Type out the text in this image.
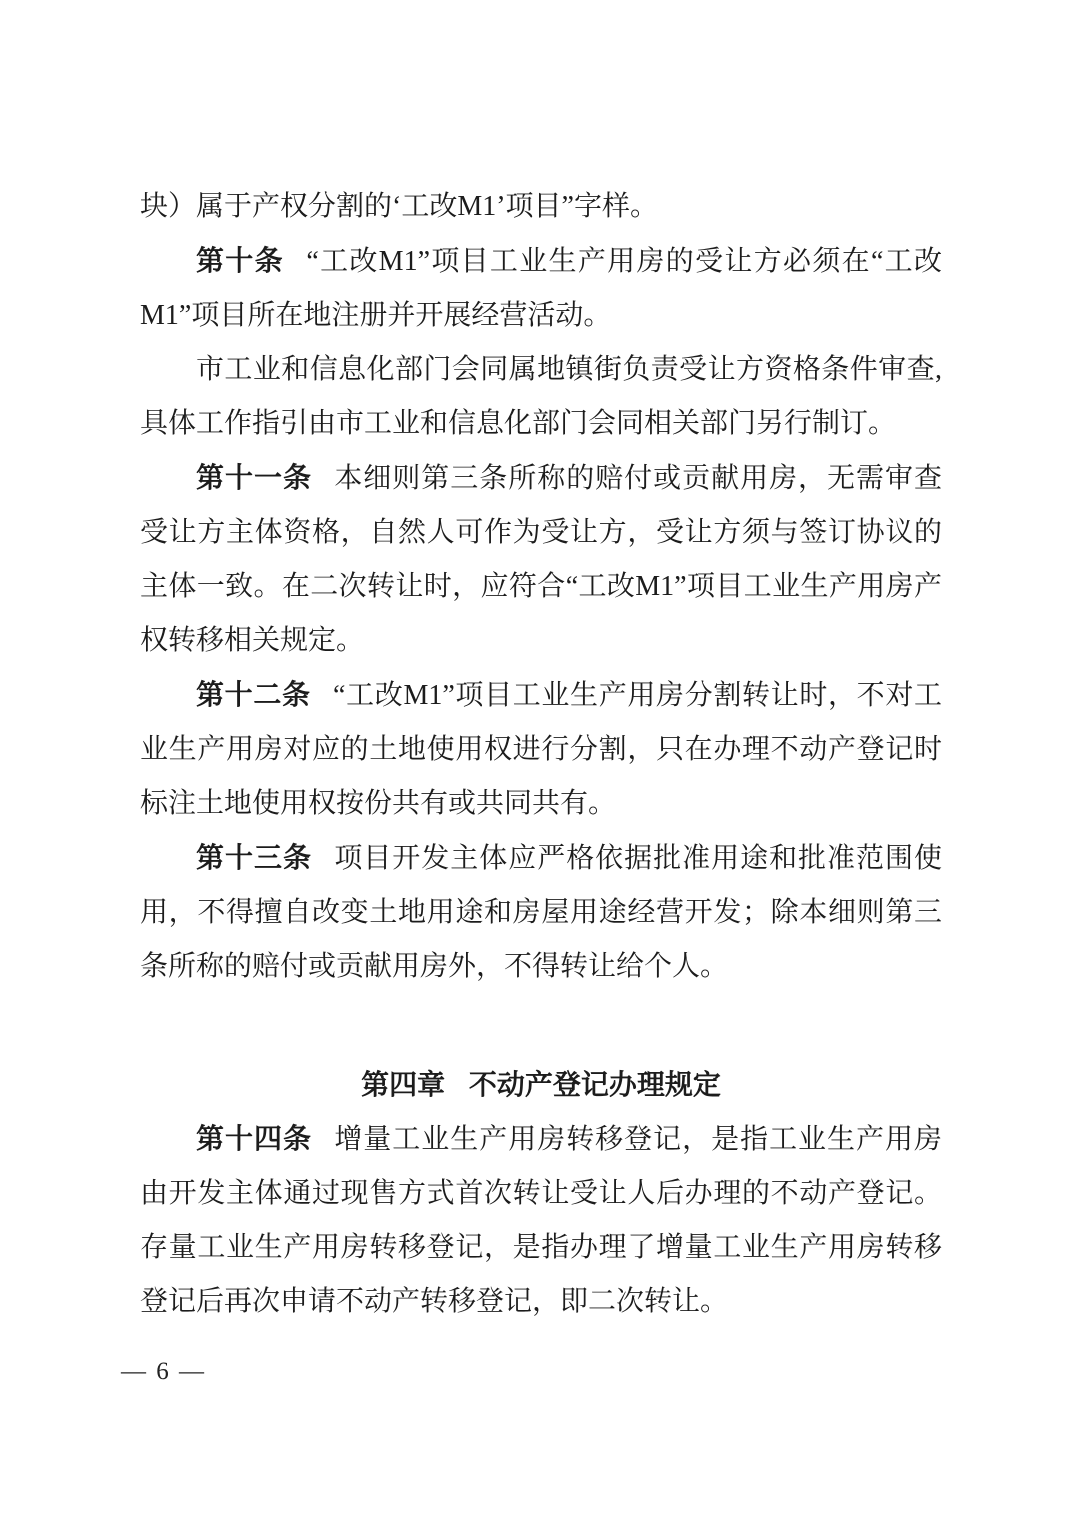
块）属于产权分割的‘工改M1’项目”字样。

第十条 “工改M1”项目工业生产用房的受让方必须在“工改M1”项目所在地注册并开展经营活动。

市工业和信息化部门会同属地镇街负责受让方资格条件审查,具体工作指引由市工业和信息化部门会同相关部门另行制订。

第十一条 本细则第三条所称的赔付或贡献用房，无需审查受让方主体资格，自然人可作为受让方，受让方须与签订协议的主体一致。在二次转让时，应符合“工改M1”项目工业生产用房产权转移相关规定。

第十二条 “工改M1”项目工业生产用房分割转让时，不对工业生产用房对应的土地使用权进行分割，只在办理不动产登记时标注土地使用权按份共有或共同共有。

第十三条 项目开发主体应严格依据批准用途和批准范围使用，不得擅自改变土地用途和房屋用途经营开发；除本细则第三条所称的赔付或贡献用房外，不得转让给个人。

第四章 不动产登记办理规定

第十四条 增量工业生产用房转移登记，是指工业生产用房由开发主体通过现售方式首次转让受让人后办理的不动产登记。存量工业生产用房转移登记，是指办理了增量工业生产用房转移登记后再次申请不动产转移登记，即二次转让。

— 6 —
